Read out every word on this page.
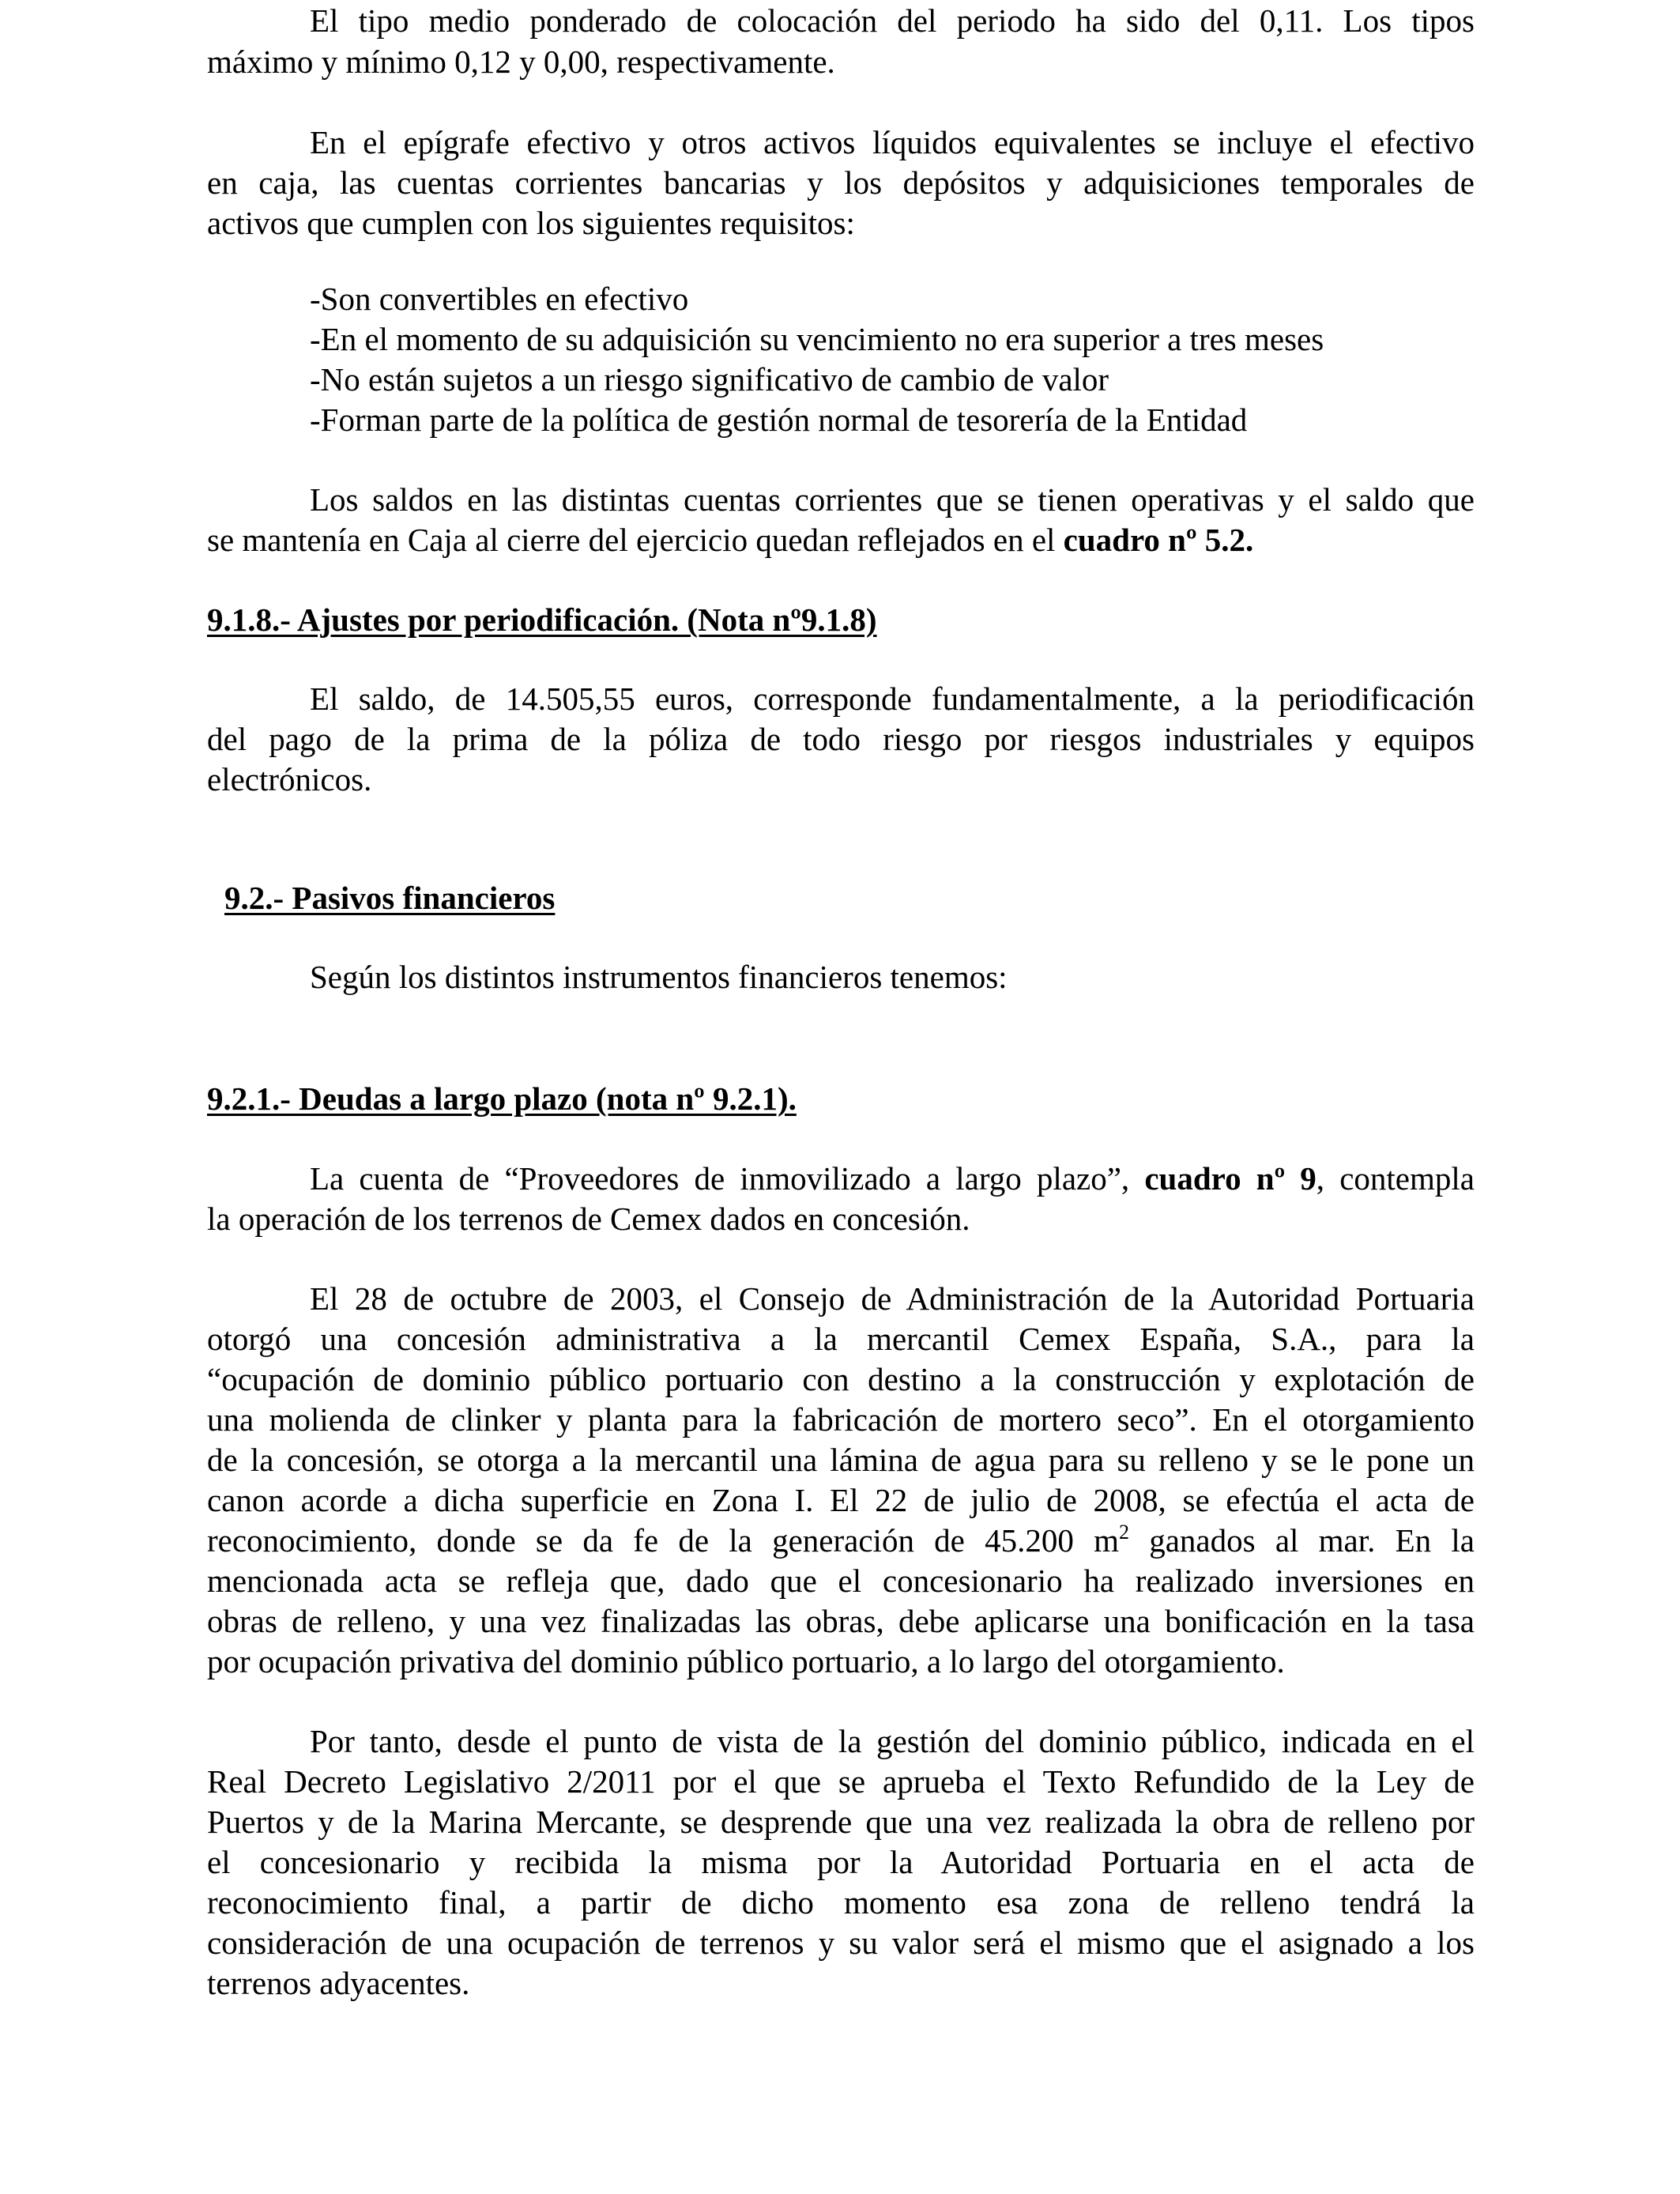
El tipo medio ponderado de colocación del periodo ha sido del 0,11. Los tipos
máximo y mínimo 0,12 y 0,00, respectivamente.
En el epígrafe efectivo y otros activos líquidos equivalentes se incluye el efectivo
en caja, las cuentas corrientes bancarias y los depósitos y adquisiciones temporales de
activos que cumplen con los siguientes requisitos:
-Son convertibles en efectivo
-En el momento de su adquisición su vencimiento no era superior a tres meses
-No están sujetos a un riesgo significativo de cambio de valor
-Forman parte de la política de gestión normal de tesorería de la Entidad
Los saldos en las distintas cuentas corrientes que se tienen operativas y el saldo que
se mantenía en Caja al cierre del ejercicio quedan reflejados en el cuadro nº 5.2.
9.1.8.- Ajustes por periodificación. (Nota nº9.1.8)
El saldo, de 14.505,55 euros, corresponde fundamentalmente, a la periodificación
del pago de la prima de la póliza de todo riesgo por riesgos industriales y equipos
electrónicos.
9.2.- Pasivos financieros
Según los distintos instrumentos financieros tenemos:
9.2.1.- Deudas a largo plazo (nota nº 9.2.1).
La cuenta de “Proveedores de inmovilizado a largo plazo”, cuadro nº 9, contempla
la operación de los terrenos de Cemex dados en concesión.
El 28 de octubre de 2003, el Consejo de Administración de la Autoridad Portuaria
otorgó una concesión administrativa a la mercantil Cemex España, S.A., para la
“ocupación de dominio público portuario con destino a la construcción y explotación de
una molienda de clinker y planta para la fabricación de mortero seco”. En el otorgamiento
de la concesión, se otorga a la mercantil una lámina de agua para su relleno y se le pone un
canon acorde a dicha superficie en Zona I. El 22 de julio de 2008, se efectúa el acta de
reconocimiento, donde se da fe de la generación de 45.200 $m^2$ ganados al mar. En la
mencionada acta se refleja que, dado que el concesionario ha realizado inversiones en
obras de relleno, y una vez finalizadas las obras, debe aplicarse una bonificación en la tasa
por ocupación privativa del dominio público portuario, a lo largo del otorgamiento.
Por tanto, desde el punto de vista de la gestión del dominio público, indicada en el
Real Decreto Legislativo 2/2011 por el que se aprueba el Texto Refundido de la Ley de
Puertos y de la Marina Mercante, se desprende que una vez realizada la obra de relleno por
el concesionario y recibida la misma por la Autoridad Portuaria en el acta de
reconocimiento final, a partir de dicho momento esa zona de relleno tendrá la
consideración de una ocupación de terrenos y su valor será el mismo que el asignado a los
terrenos adyacentes.
